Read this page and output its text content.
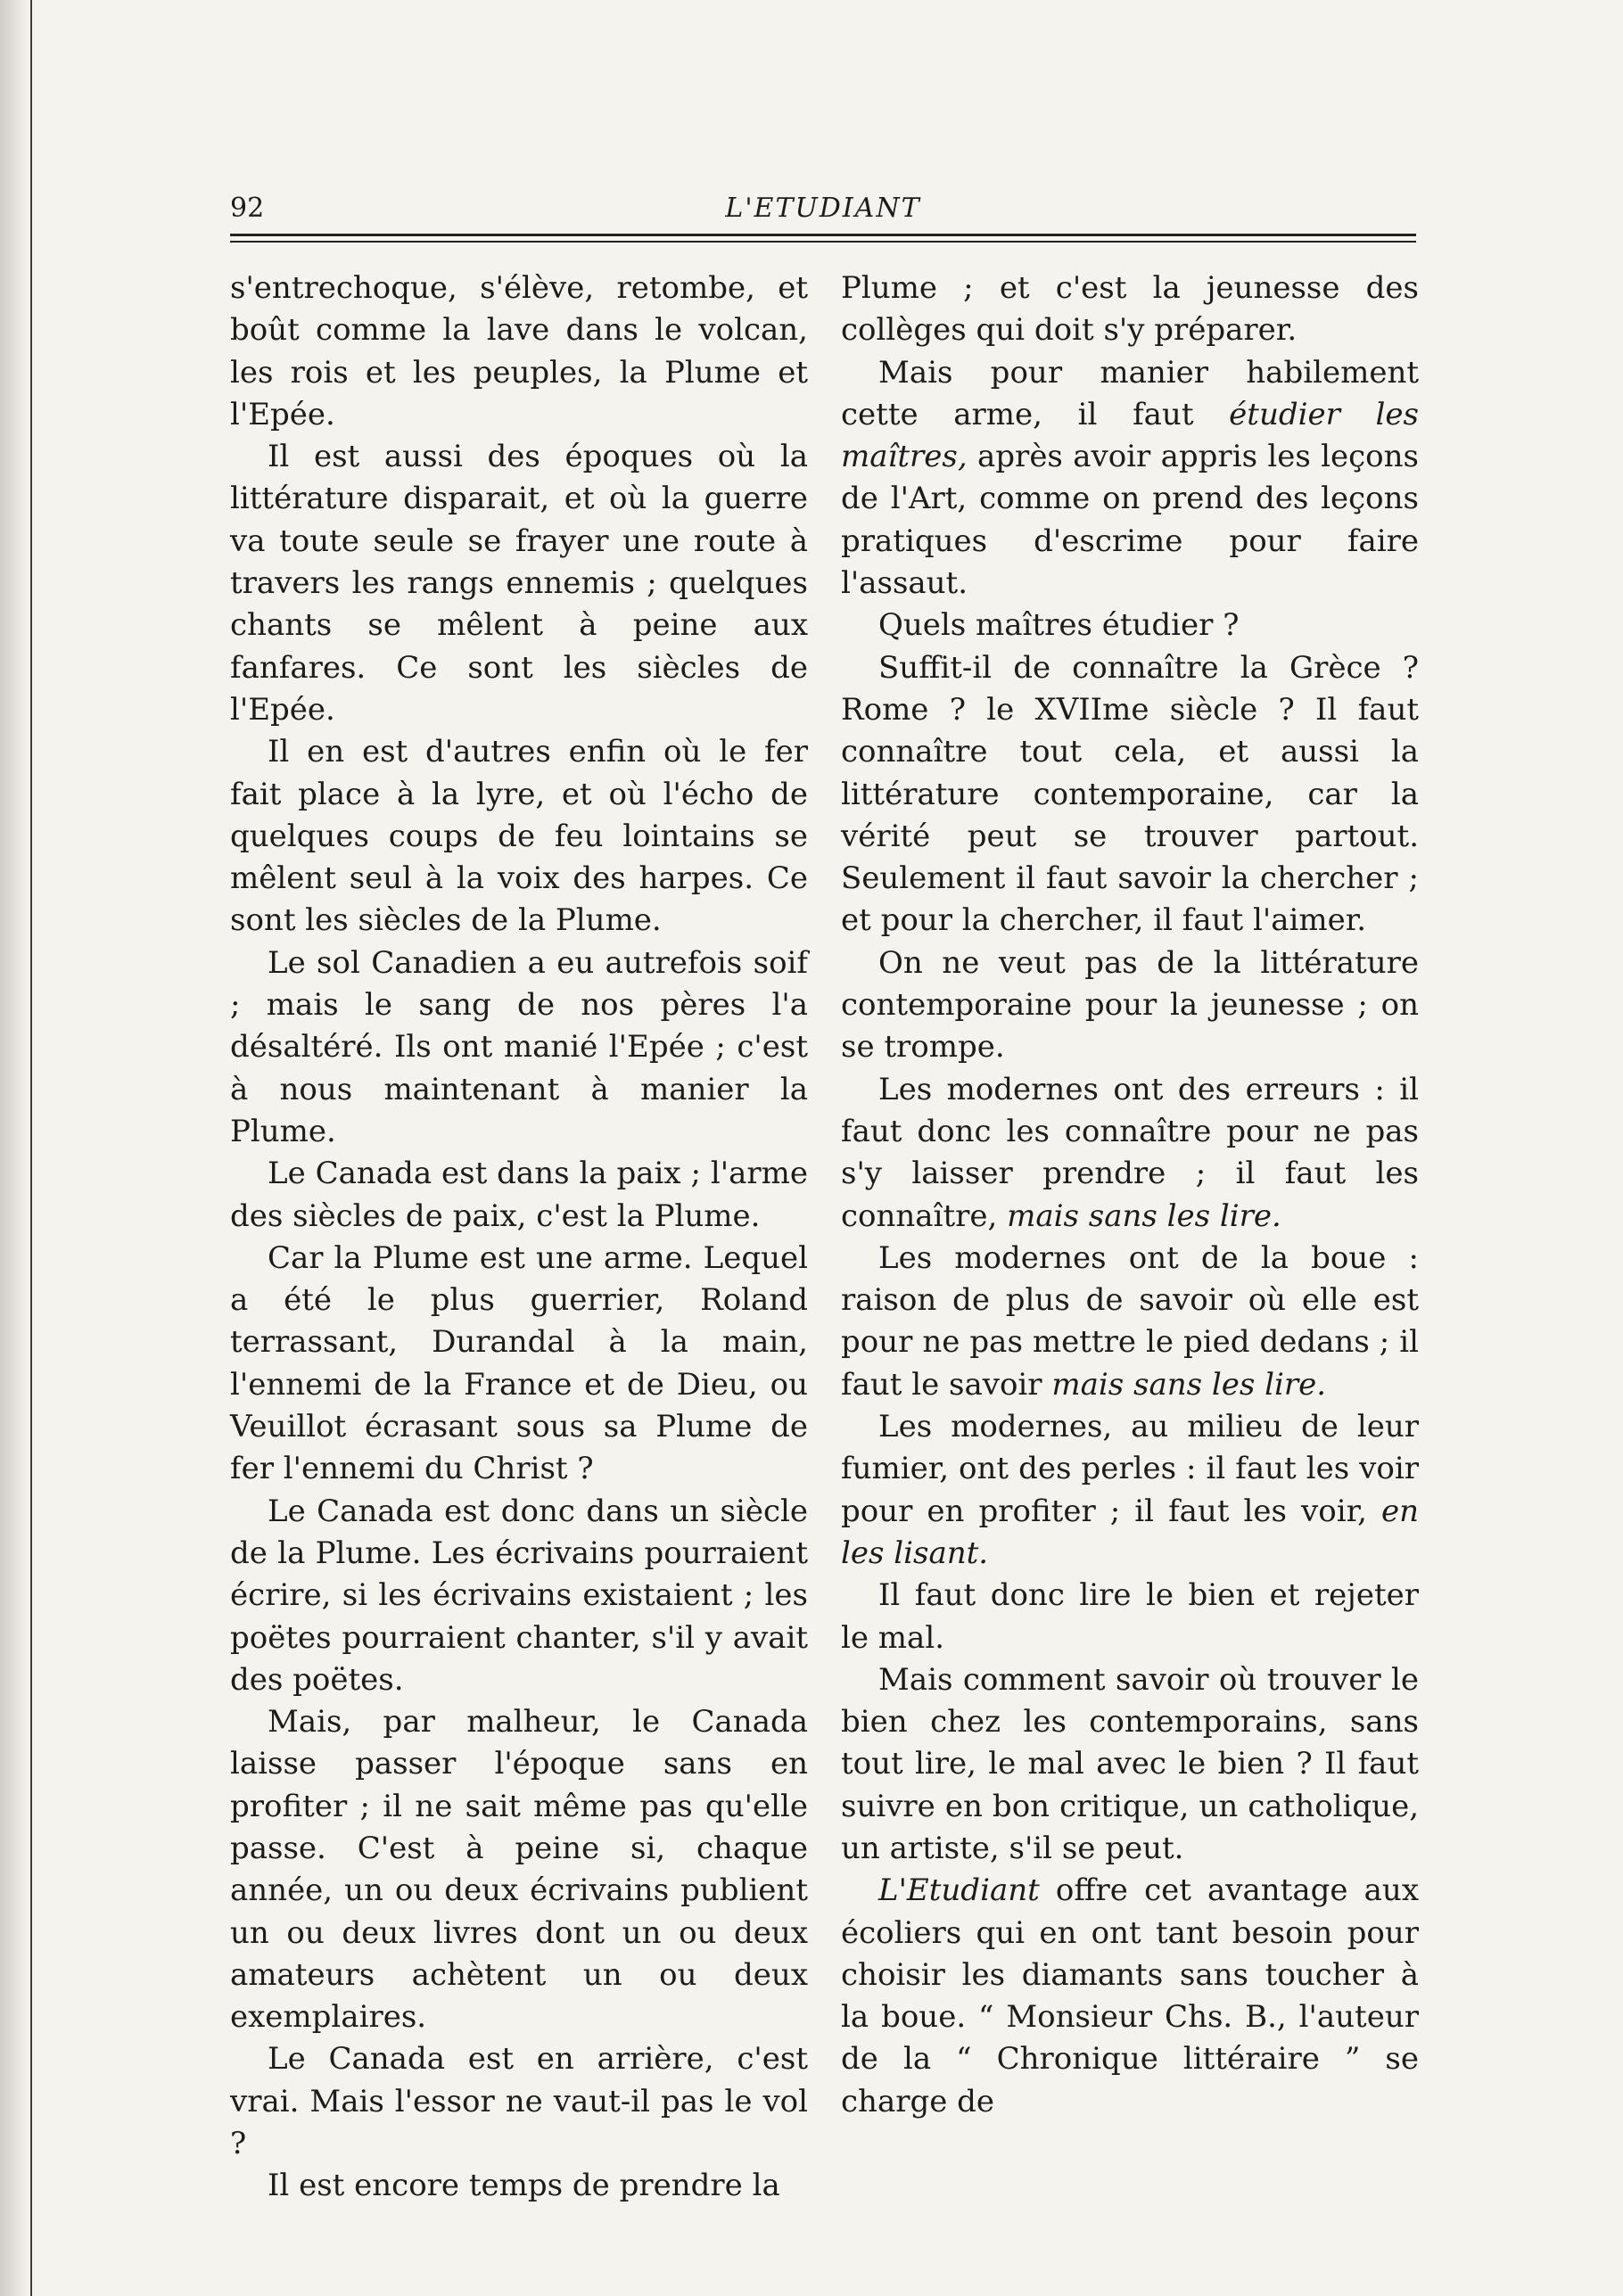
92	L'ETUDIANT

s'entrechoque, s'élève, retombe, et boût comme la lave dans le volcan, les rois et les peuples, la Plume et l'Epée.

Il est aussi des époques où la littérature disparait, et où la guerre va toute seule se frayer une route à travers les rangs ennemis ; quelques chants se mêlent à peine aux fanfares. Ce sont les siècles de l'Epée.

Il en est d'autres enfin où le fer fait place à la lyre, et où l'écho de quelques coups de feu lointains se mêlent seul à la voix des harpes. Ce sont les siècles de la Plume.

Le sol Canadien a eu autrefois soif ; mais le sang de nos pères l'a désaltéré. Ils ont manié l'Epée ; c'est à nous maintenant à manier la Plume.

Le Canada est dans la paix ; l'arme des siècles de paix, c'est la Plume.

Car la Plume est une arme. Lequel a été le plus guerrier, Roland terrassant, Durandal à la main, l'ennemi de la France et de Dieu, ou Veuillot écrasant sous sa Plume de fer l'ennemi du Christ ?

Le Canada est donc dans un siècle de la Plume. Les écrivains pourraient écrire, si les écrivains existaient ; les poëtes pourraient chanter, s'il y avait des poëtes.

Mais, par malheur, le Canada laisse passer l'époque sans en profiter ; il ne sait même pas qu'elle passe. C'est à peine si, chaque année, un ou deux écrivains publient un ou deux livres dont un ou deux amateurs achètent un ou deux exemplaires.

Le Canada est en arrière, c'est vrai. Mais l'essor ne vaut-il pas le vol ?

Il est encore temps de prendre la

Plume ; et c'est la jeunesse des collèges qui doit s'y préparer.

Mais pour manier habilement cette arme, il faut étudier les maîtres, après avoir appris les leçons de l'Art, comme on prend des leçons pratiques d'escrime pour faire l'assaut.

Quels maîtres étudier ?

Suffit-il de connaître la Grèce ? Rome ? le XVIIme siècle ? Il faut connaître tout cela, et aussi la littérature contemporaine, car la vérité peut se trouver partout. Seulement il faut savoir la chercher ; et pour la chercher, il faut l'aimer.

On ne veut pas de la littérature contemporaine pour la jeunesse ; on se trompe.

Les modernes ont des erreurs : il faut donc les connaître pour ne pas s'y laisser prendre ; il faut les connaître, mais sans les lire.

Les modernes ont de la boue : raison de plus de savoir où elle est pour ne pas mettre le pied dedans ; il faut le savoir mais sans les lire.

Les modernes, au milieu de leur fumier, ont des perles : il faut les voir pour en profiter ; il faut les voir, en les lisant.

Il faut donc lire le bien et rejeter le mal.

Mais comment savoir où trouver le bien chez les contemporains, sans tout lire, le mal avec le bien ? Il faut suivre en bon critique, un catholique, un artiste, s'il se peut.

L'Etudiant offre cet avantage aux écoliers qui en ont tant besoin pour choisir les diamants sans toucher à la boue. “ Monsieur Chs. B., l'auteur de la “ Chronique littéraire ” se charge de
